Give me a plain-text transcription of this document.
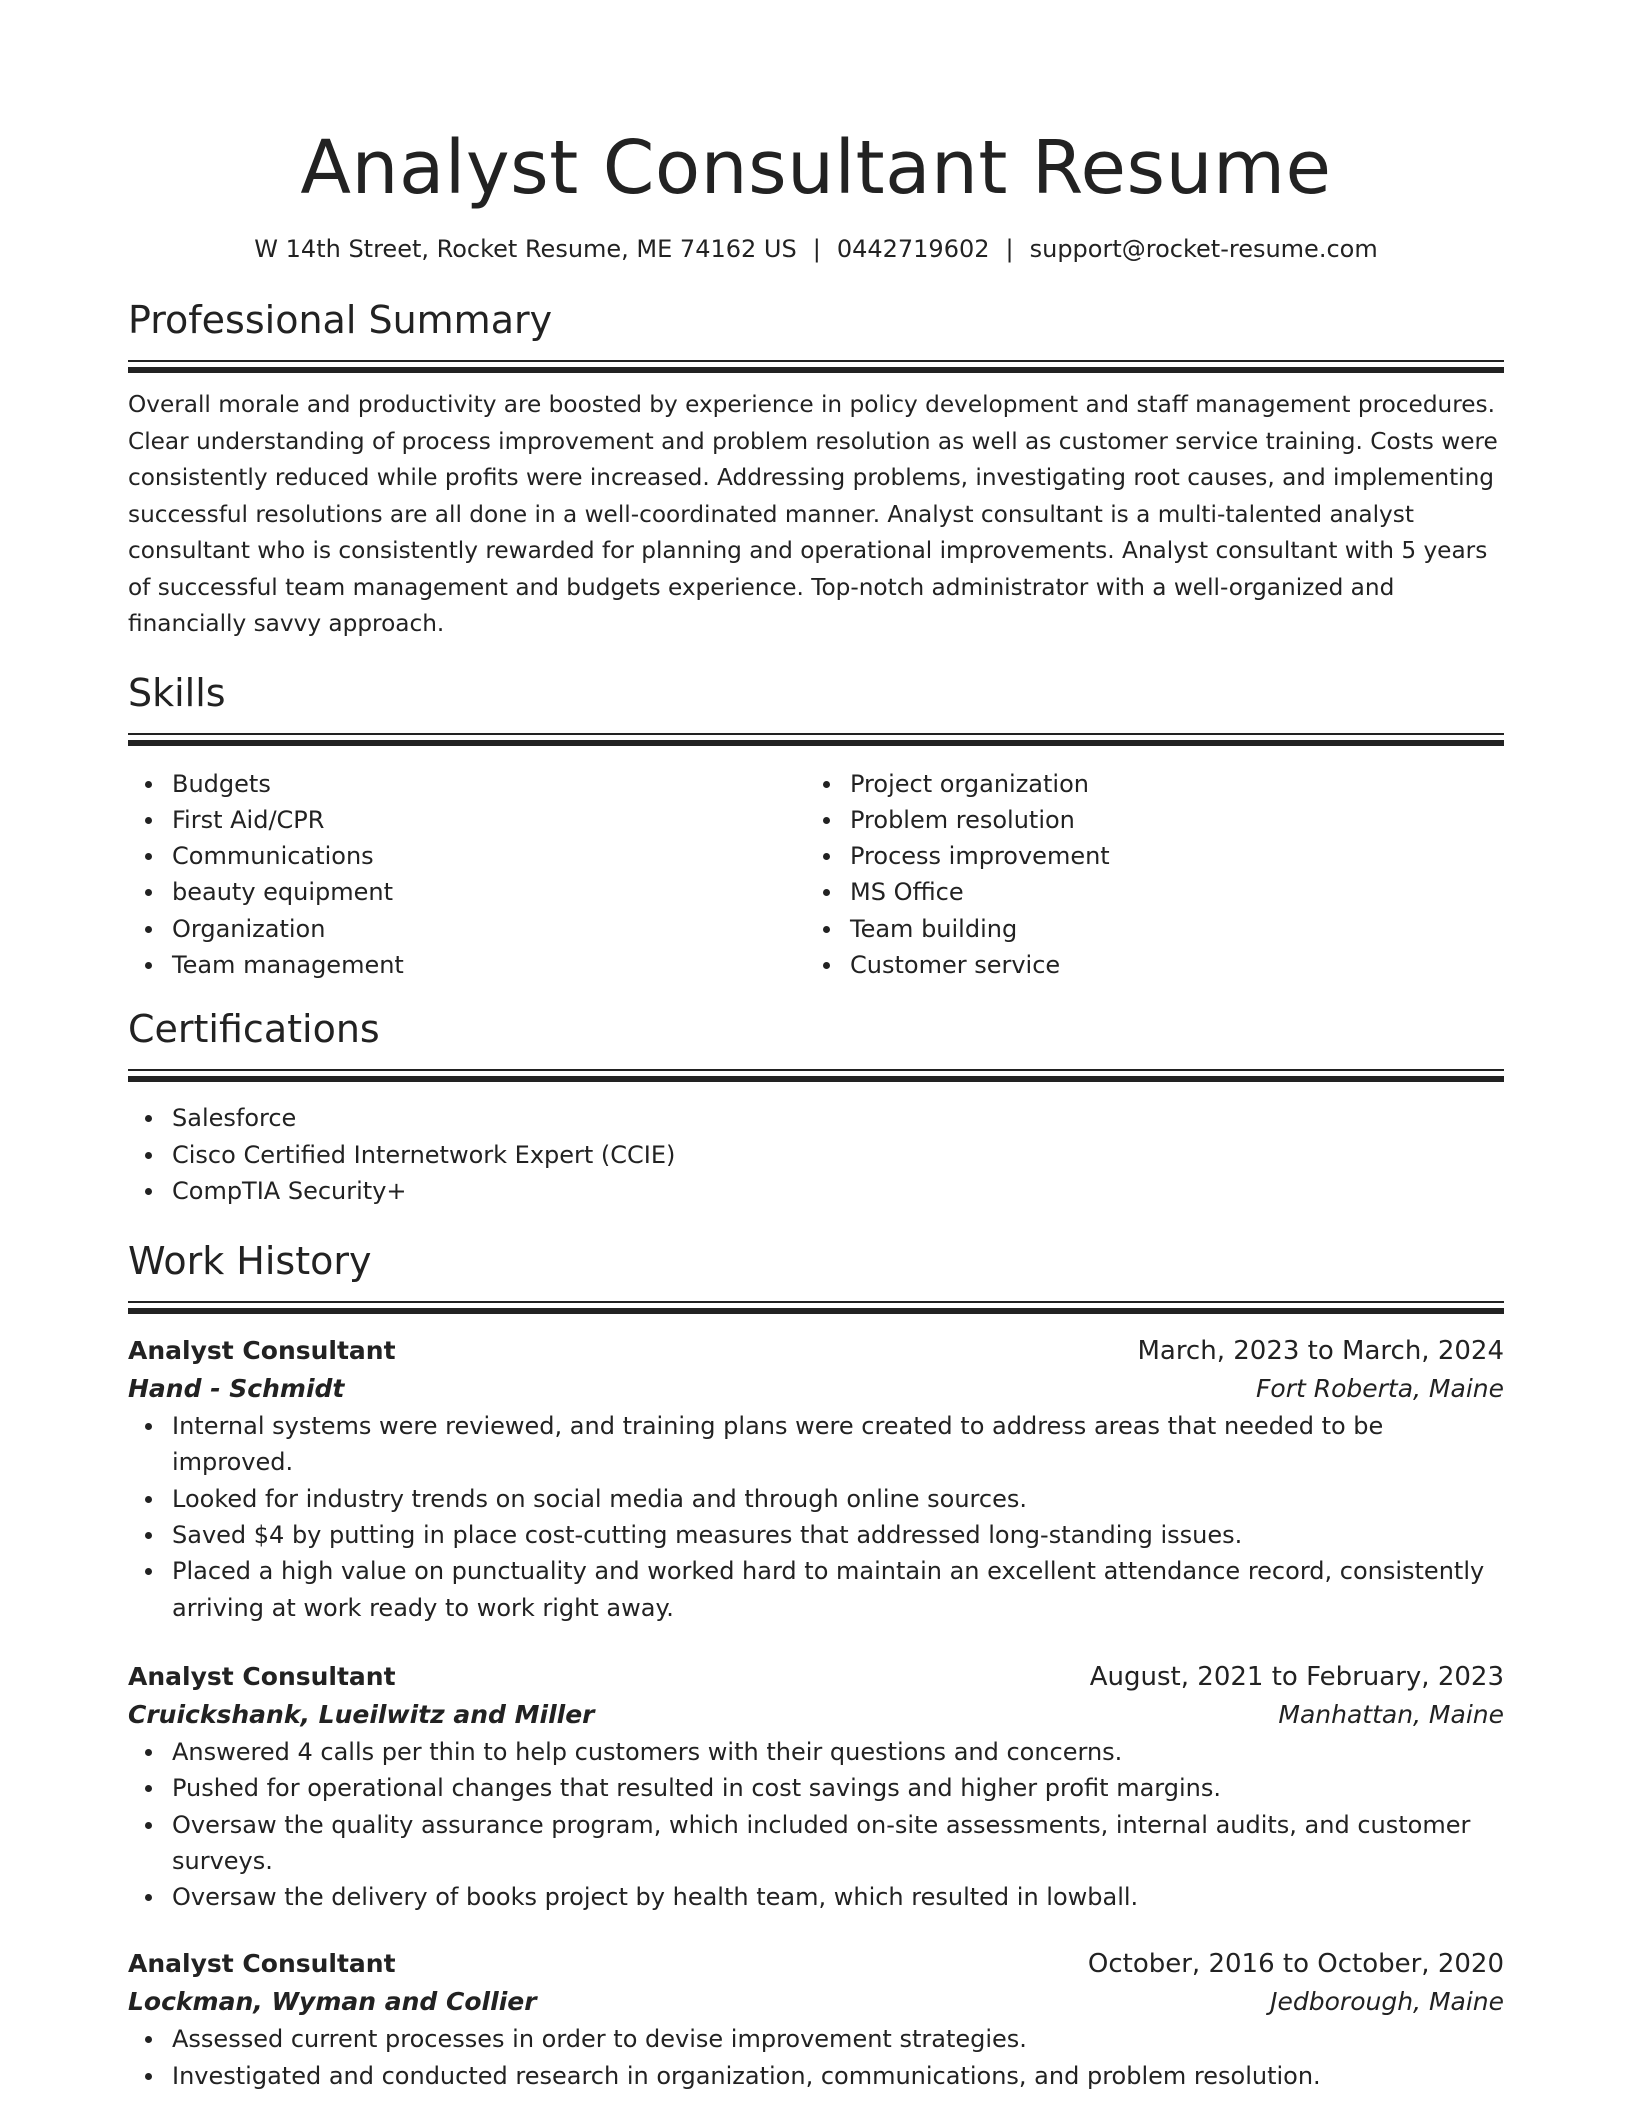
Analyst Consultant Resume
W 14th Street, Rocket Resume, ME 74162 US | 0442719602 | support@rocket-resume.com
Professional Summary
Overall morale and productivity are boosted by experience in policy development and staff management procedures. Clear understanding of process improvement and problem resolution as well as customer service training. Costs were consistently reduced while profits were increased. Addressing problems, investigating root causes, and implementing successful resolutions are all done in a well-coordinated manner. Analyst consultant is a multi-talented analyst consultant who is consistently rewarded for planning and operational improvements. Analyst consultant with 5 years of successful team management and budgets experience. Top-notch administrator with a well-organized and financially savvy approach.
Skills
Budgets
First Aid/CPR
Communications
beauty equipment
Organization
Team management
Project organization
Problem resolution
Process improvement
MS Office
Team building
Customer service
Certifications
Salesforce
Cisco Certified Internetwork Expert (CCIE)
CompTIA Security+
Work History
Analyst Consultant	March, 2023 to March, 2024
Hand - Schmidt	Fort Roberta, Maine
Internal systems were reviewed, and training plans were created to address areas that needed to be improved.
Looked for industry trends on social media and through online sources.
Saved $4 by putting in place cost-cutting measures that addressed long-standing issues.
Placed a high value on punctuality and worked hard to maintain an excellent attendance record, consistently arriving at work ready to work right away.
Analyst Consultant	August, 2021 to February, 2023
Cruickshank, Lueilwitz and Miller	Manhattan, Maine
Answered 4 calls per thin to help customers with their questions and concerns.
Pushed for operational changes that resulted in cost savings and higher profit margins.
Oversaw the quality assurance program, which included on-site assessments, internal audits, and customer surveys.
Oversaw the delivery of books project by health team, which resulted in lowball.
Analyst Consultant	October, 2016 to October, 2020
Lockman, Wyman and Collier	Jedborough, Maine
Assessed current processes in order to devise improvement strategies.
Investigated and conducted research in organization, communications, and problem resolution.
